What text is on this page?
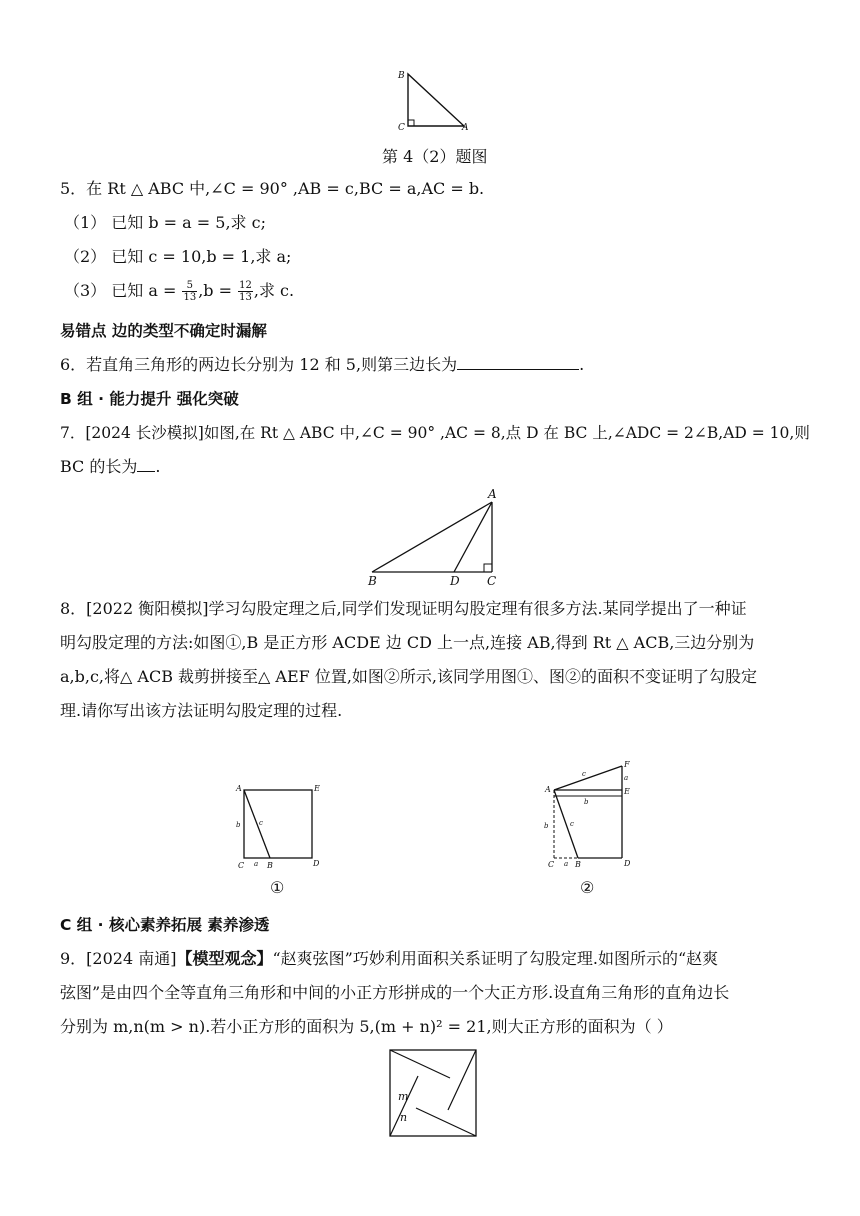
B
C	A
第 4（2）题图
5．在 Rt △ ABC 中,∠C = 90° ,AB = c,BC = a,AC = b.
（1） 已知 b = a = 5,求 c;
（2） 已知 c = 10,b = 1,求 a;
（3） 已知 $a = \frac{5}{13} ,b = \frac{12}{13}$ ,求 c.
易错点 边的类型不确定时漏解
6．若直角三角形的两边长分别为 12 和 5,则第三边长为	.
B 组 · 能力提升 强化突破
7．[2024 长沙模拟]如图,在 Rt △ ABC 中,∠C = 90° ,AC = 8,点 D 在 BC 上,∠ADC = 2∠B,AD = 10,则
BC 的长为 .
A
B	D C
8．[2022 衡阳模拟]学习勾股定理之后,同学们发现证明勾股定理有很多方法.某同学提出了一种证
明勾股定理的方法:如图①,B 是正方形 ACDE 边 CD 上一点,连接 AB,得到 Rt △ ACB,三边分别为
a,b,c,将△ ACB 裁剪拼接至△ AEF 位置,如图②所示,该同学用图①、图②的面积不变证明了勾股定
理.请你写出该方法证明勾股定理的过程.
A	E
C	B	D
b	c
a
①
A	E
F
C	B	D
a
b
b
c
c
a
②
C 组 · 核心素养拓展 素养渗透
9．[2024 南通]【模型观念】“赵爽弦图”巧妙利用面积关系证明了勾股定理.如图所示的“赵爽
弦图”是由四个全等直角三角形和中间的小正方形拼成的一个大正方形.设直角三角形的直角边长
分别为 m,n(m > n).若小正方形的面积为 5,(m + n)² = 21,则大正方形的面积为（ ）
m
n
